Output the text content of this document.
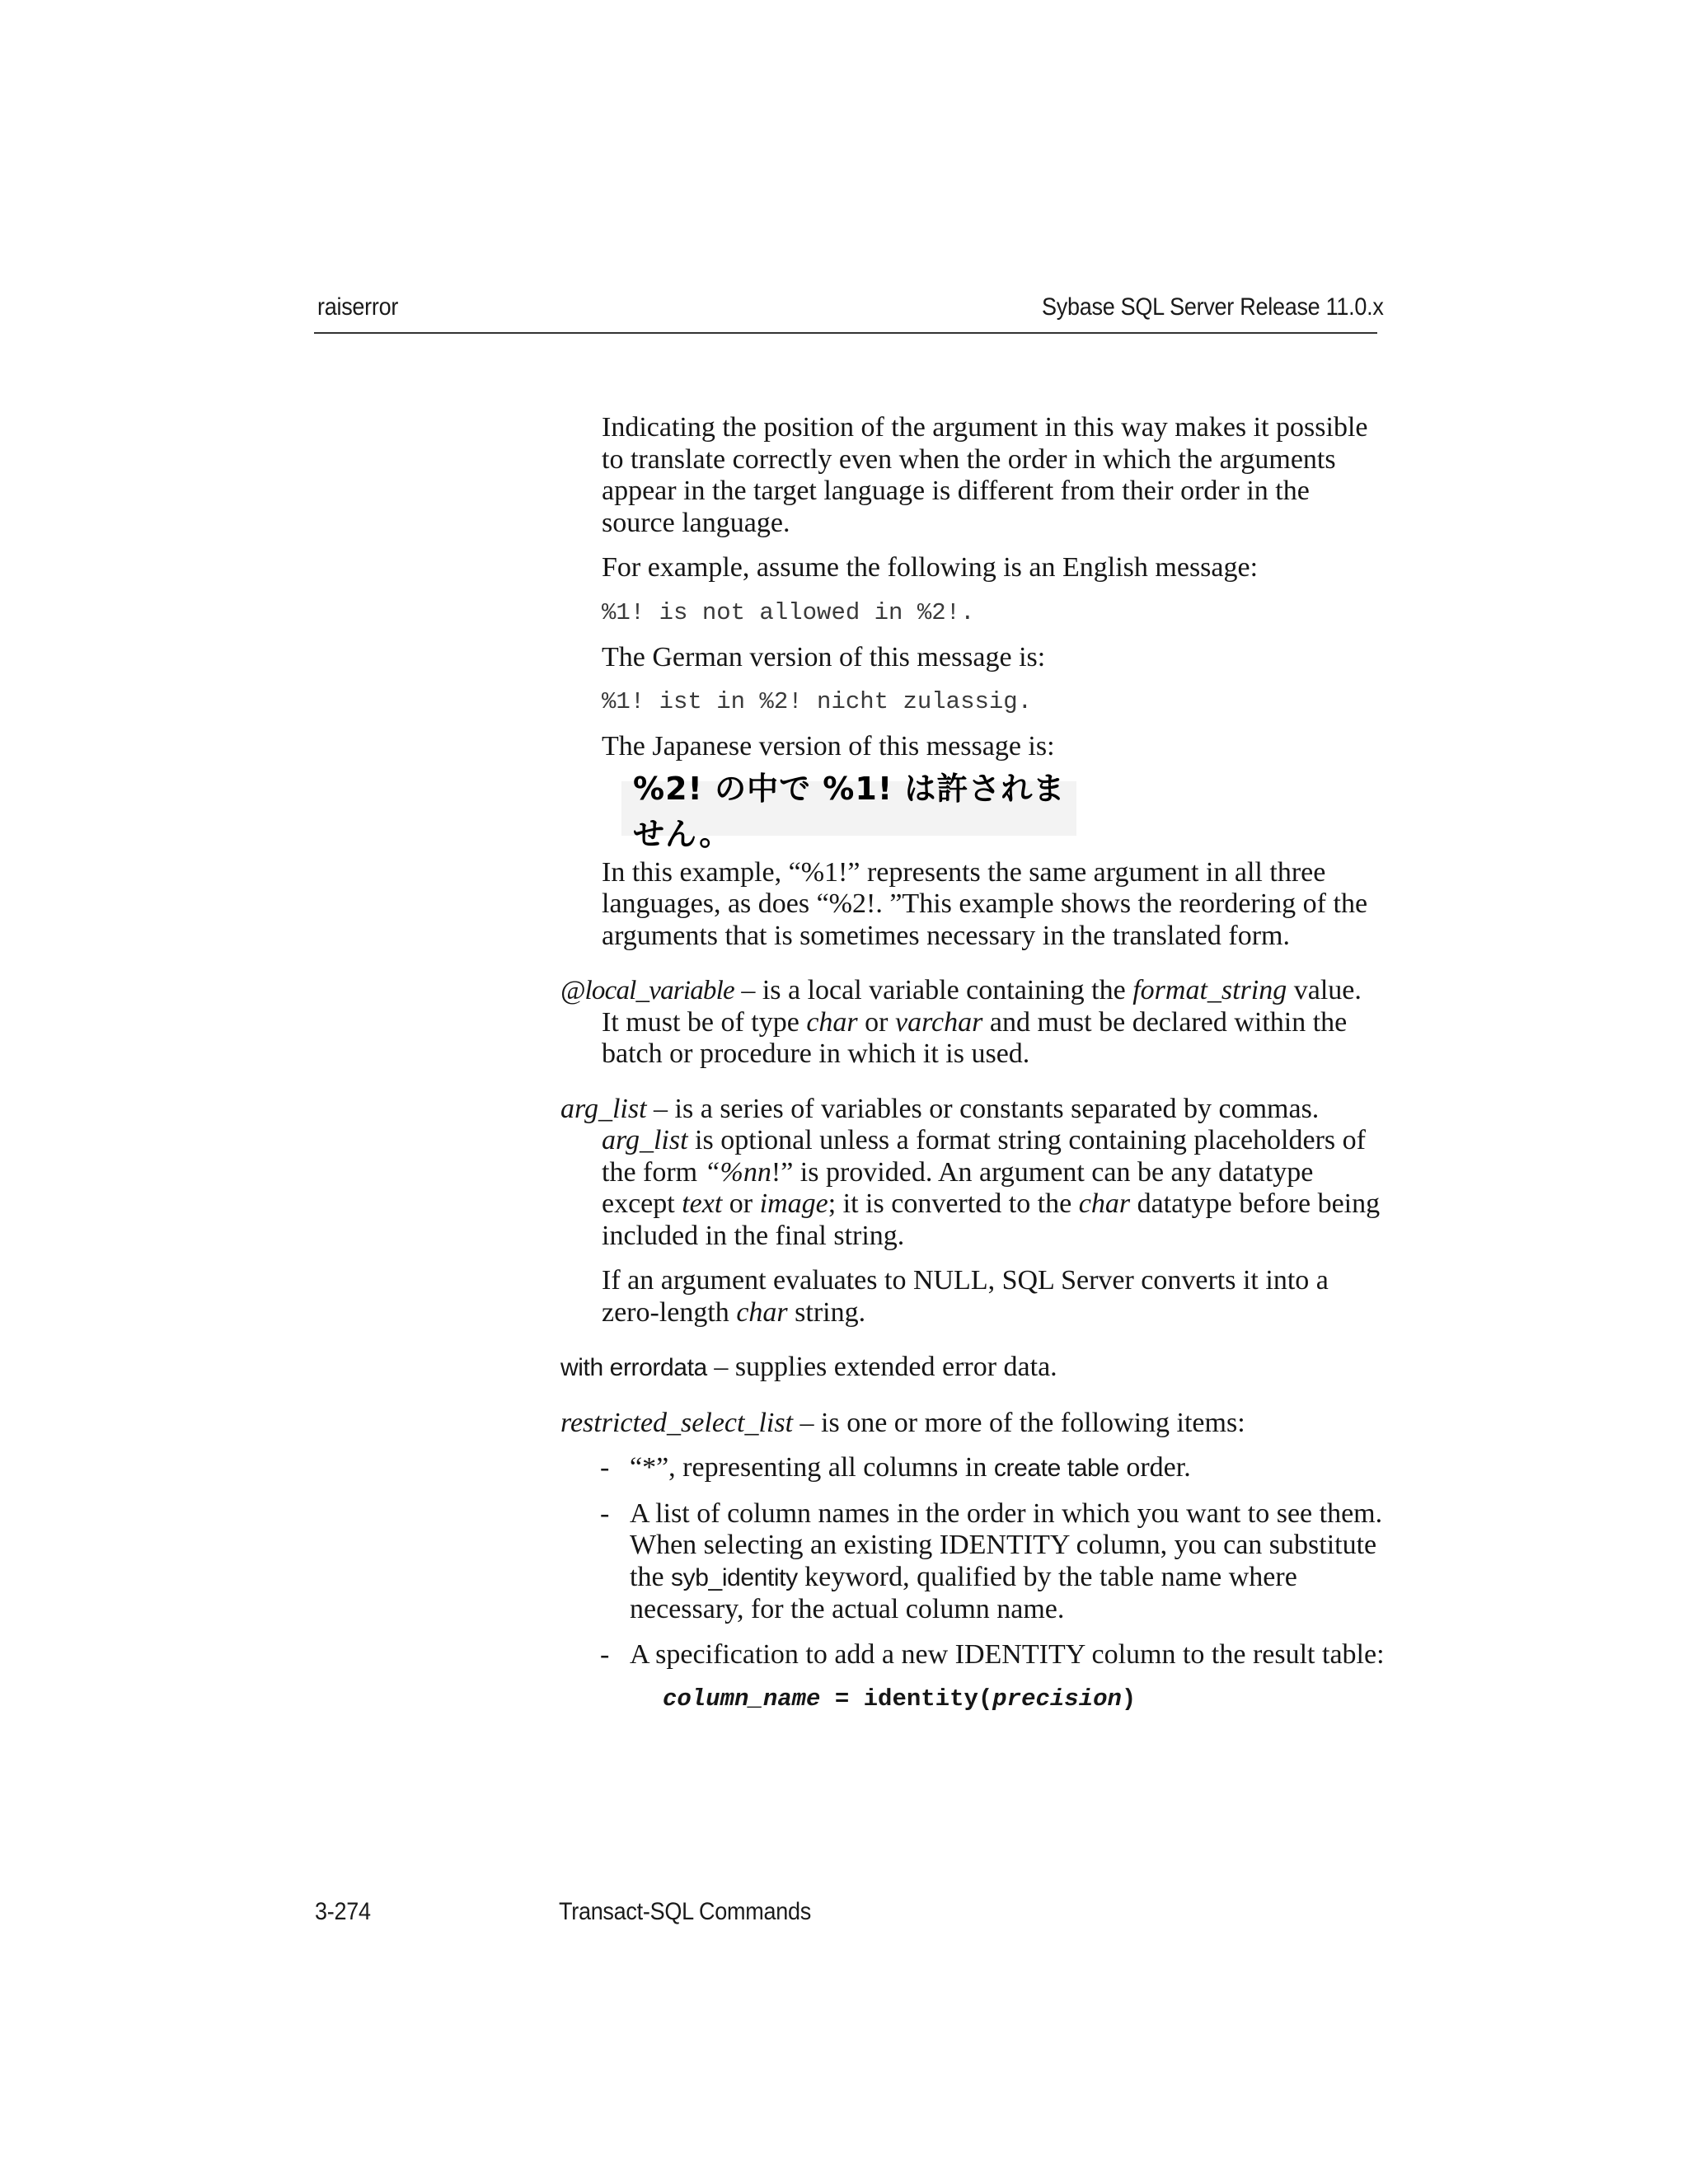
raiserror	Sybase SQL Server Release 11.0.x

Indicating the position of the argument in this way makes it possible to translate correctly even when the order in which the arguments appear in the target language is different from their order in the source language.

For example, assume the following is an English message:

%1! is not allowed in %2!.

The German version of this message is:

%1! ist in %2! nicht zulassig.

The Japanese version of this message is:

%2! の中で %1! は許されません。

In this example, “%1!” represents the same argument in all three languages, as does “%2!. ”This example shows the reordering of the arguments that is sometimes necessary in the translated form.

@local_variable – is a local variable containing the format_string value. It must be of type char or varchar and must be declared within the batch or procedure in which it is used.

arg_list – is a series of variables or constants separated by commas. arg_list is optional unless a format string containing placeholders of the form “%nn!” is provided. An argument can be any datatype except text or image; it is converted to the char datatype before being included in the final string.

If an argument evaluates to NULL, SQL Server converts it into a zero-length char string.

with errordata – supplies extended error data.

restricted_select_list – is one or more of the following items:

- “*”, representing all columns in create table order.

- A list of column names in the order in which you want to see them. When selecting an existing IDENTITY column, you can substitute the syb_identity keyword, qualified by the table name where necessary, for the actual column name.

- A specification to add a new IDENTITY column to the result table:

column_name = identity(precision)
3-274	Transact-SQL Commands
